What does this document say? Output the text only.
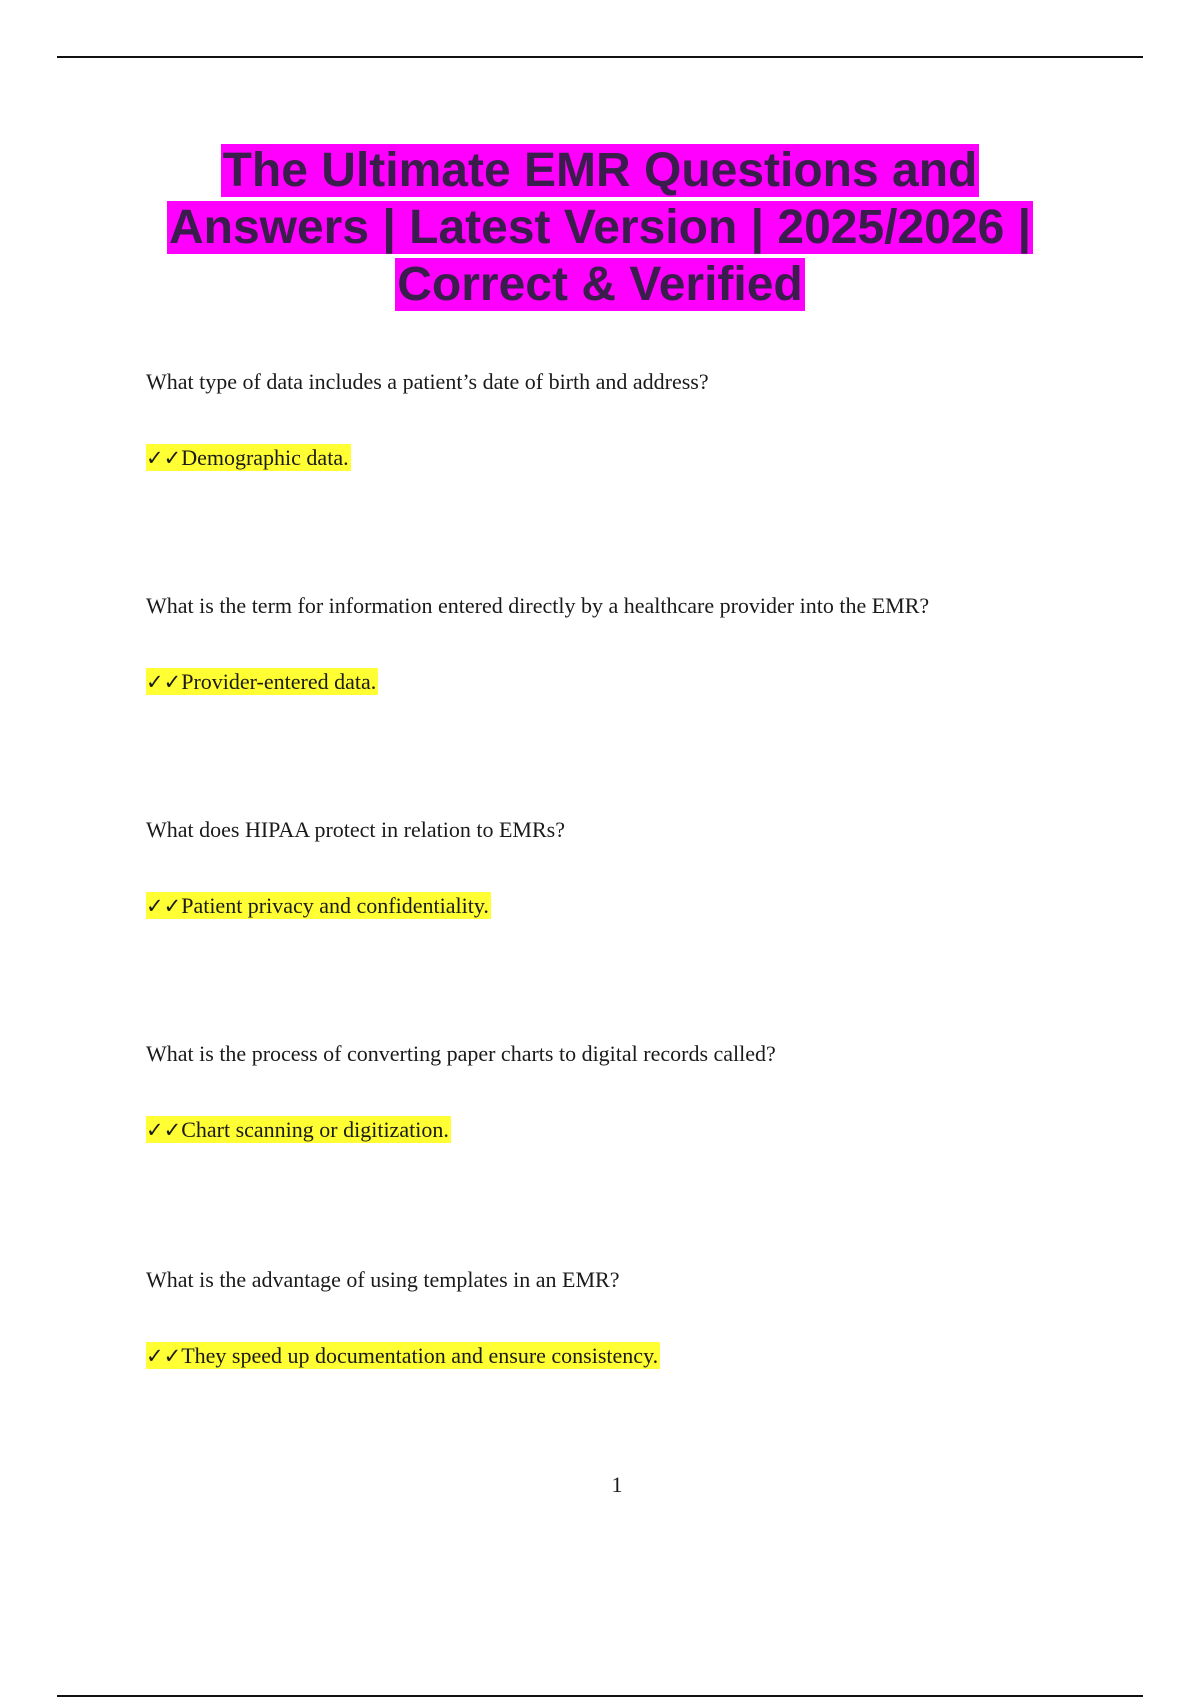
The Ultimate EMR Questions and
Answers | Latest Version | 2025/2026 |
Correct & Verified

What type of data includes a patient’s date of birth and address?

✓✓Demographic data.

What is the term for information entered directly by a healthcare provider into the EMR?

✓✓Provider-entered data.

What does HIPAA protect in relation to EMRs?

✓✓Patient privacy and confidentiality.

What is the process of converting paper charts to digital records called?

✓✓Chart scanning or digitization.

What is the advantage of using templates in an EMR?

✓✓They speed up documentation and ensure consistency.

1
